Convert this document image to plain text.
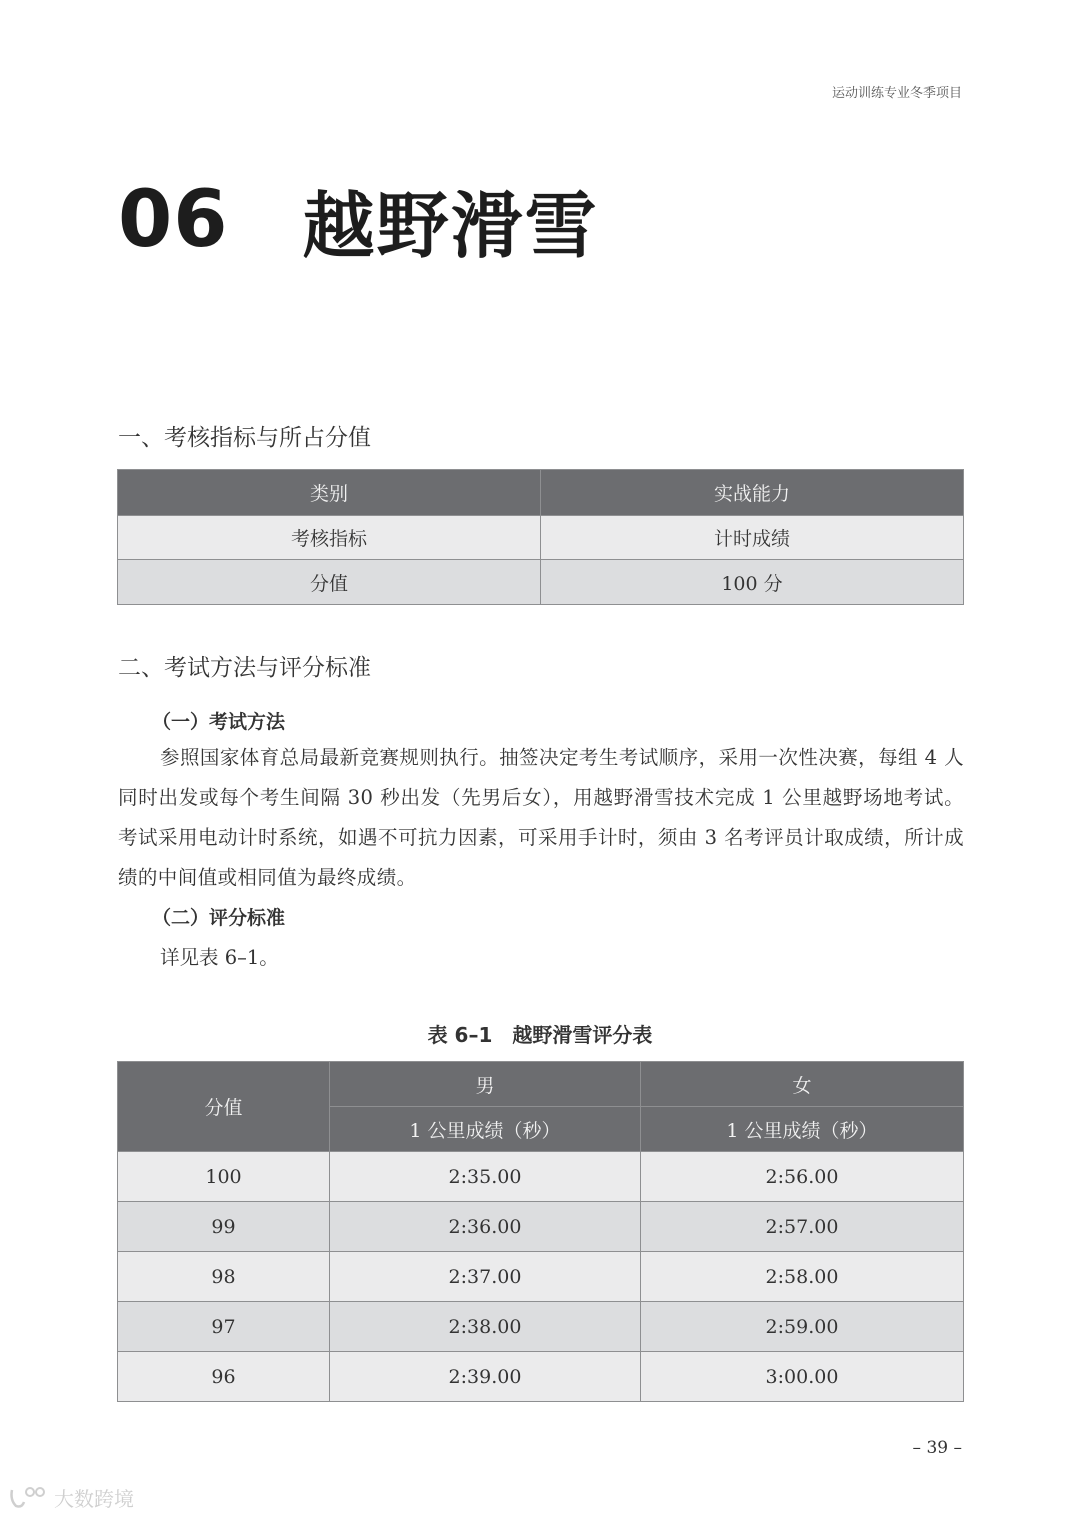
运动训练专业冬季项目
06 越野滑雪
一、考核指标与所占分值
类别	实战能力
考核指标	计时成绩
分值	100 分
二、考试方法与评分标准
（一）考试方法
参照国家体育总局最新竞赛规则执行。抽签决定考生考试顺序，采用一次性决赛，每组 4 人同时出发或每个考生间隔 30 秒出发（先男后女），用越野滑雪技术完成 1 公里越野场地考试。考试采用电动计时系统，如遇不可抗力因素，可采用手计时，须由 3 名考评员计取成绩，所计成绩的中间值或相同值为最终成绩。
（二）评分标准
详见表 6–1。
表 6–1　越野滑雪评分表
分值	男	女
	1 公里成绩（秒）	1 公里成绩（秒）
100	2:35.00	2:56.00
99	2:36.00	2:57.00
98	2:37.00	2:58.00
97	2:38.00	2:59.00
96	2:39.00	3:00.00
– 39 –
大数跨境
